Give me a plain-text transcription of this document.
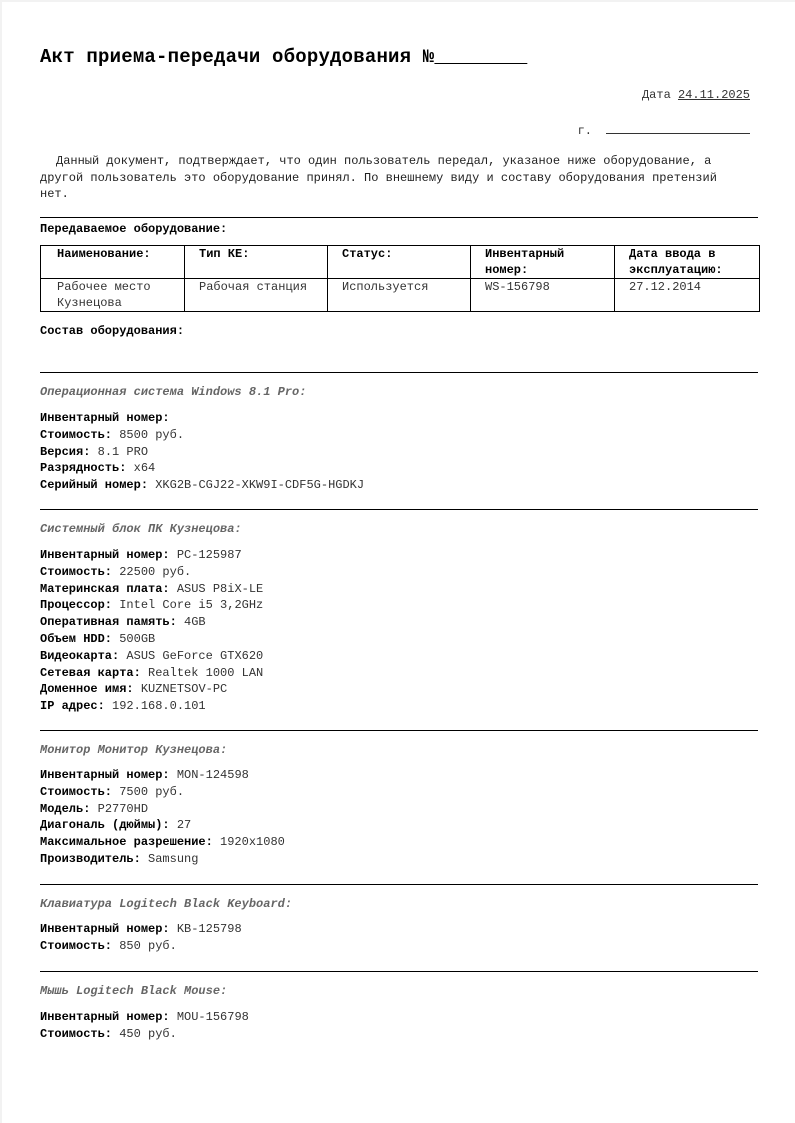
Акт приема-передачи оборудования №________
Дата 24.11.2025
г.

Данный документ, подтверждает, что один пользователь передал, указаное ниже оборудование, а другой пользователь это оборудование принял. По внешнему виду и составу оборудования претензий нет.

Передаваемое оборудование:

Наименование:	Тип КЕ:	Статус:	Инвентарный номер:	Дата ввода в эксплуатацию:
Рабочее место Кузнецова	Рабочая станция	Используется	WS-156798	27.12.2014

Состав оборудования:

Операционная система Windows 8.1 Pro:

Инвентарный номер:
Стоимость: 8500 руб.
Версия: 8.1 PRO
Разрядность: x64
Серийный номер: XKG2B-CGJ22-XKW9I-CDF5G-HGDKJ

Системный блок ПК Кузнецова:

Инвентарный номер: PC-125987
Стоимость: 22500 руб.
Материнская плата: ASUS P8iX-LE
Процессор: Intel Core i5 3,2GHz
Оперативная память: 4GB
Объем HDD: 500GB
Видеокарта: ASUS GeForce GTX620
Сетевая карта: Realtek 1000 LAN
Доменное имя: KUZNETSOV-PC
IP адрес: 192.168.0.101

Монитор Монитор Кузнецова:

Инвентарный номер: MON-124598
Стоимость: 7500 руб.
Модель: P2770HD
Диагональ (дюймы): 27
Максимальное разрешение: 1920x1080
Производитель: Samsung

Клавиатура Logitech Black Keyboard:

Инвентарный номер: KB-125798
Стоимость: 850 руб.

Мышь Logitech Black Mouse:

Инвентарный номер: MOU-156798
Стоимость: 450 руб.
